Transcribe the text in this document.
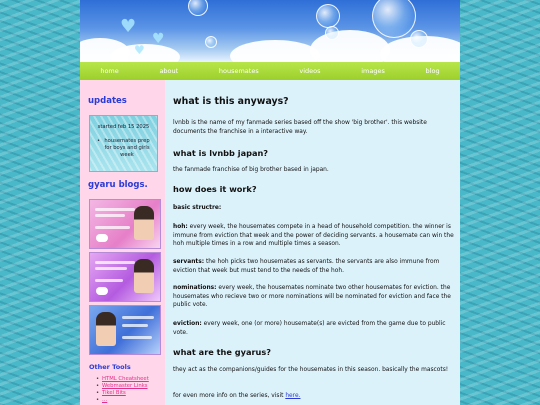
♥
♥
♥
home	about	housemates	videos	images	blog
updates
started feb 15 2025
• housemates prep for boys and girls week
gyaru blogs.
Other Tools
• HTML Cheatsheet
• Webmaster Links
• Tikel Bits
• …
what is this anyways?

lvnbb is the name of my fanmade series based off the show 'big brother'. this website documents the franchise in a interactive way.

what is lvnbb japan?

the fanmade franchise of big brother based in japan.

how does it work?

basic structre:

hoh: every week, the housemates compete in a head of household competition. the winner is immune from eviction that week and the power of deciding servants. a housemate can win the hoh multiple times in a row and multiple times a season.

servants: the hoh picks two housemates as servants. the servants are also immune from eviction that week but must tend to the needs of the hoh.

nominations: every week, the housemates nominate two other housemates for eviction. the housemates who recieve two or more nominations will be nominated for eviction and face the public vote.

eviction: every week, one (or more) housemate(s) are evicted from the game due to public vote.

what are the gyarus?

they act as the companions/guides for the housemates in this season. basically the mascots!

for even more info on the series, visit here.
